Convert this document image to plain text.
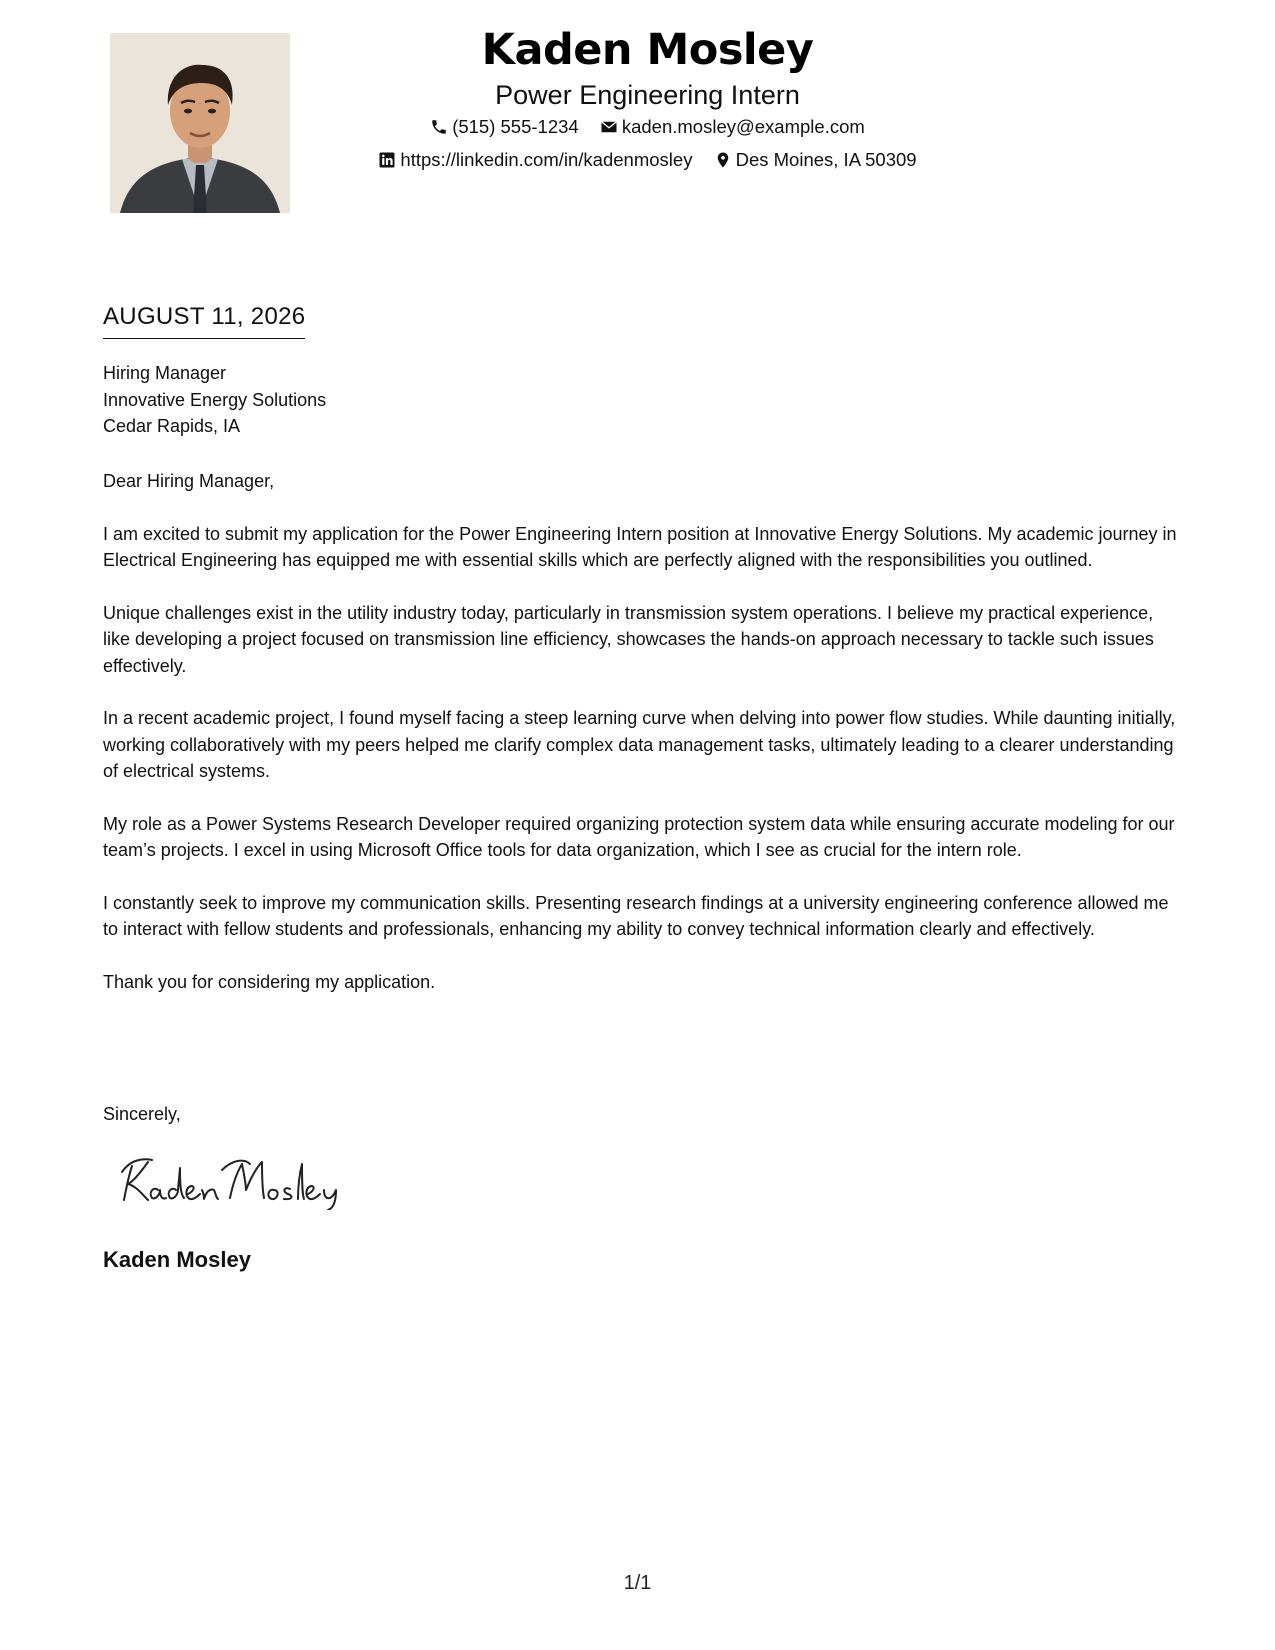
Kaden Mosley
Power Engineering Intern
(515) 555-1234
kaden.mosley@example.com
https://linkedin.com/in/kadenmosley
Des Moines, IA 50309
AUGUST 11, 2026
Hiring Manager
Innovative Energy Solutions
Cedar Rapids, IA

Dear Hiring Manager,

I am excited to submit my application for the Power Engineering Intern position at Innovative Energy Solutions. My academic journey in Electrical Engineering has equipped me with essential skills which are perfectly aligned with the responsibilities you outlined.

Unique challenges exist in the utility industry today, particularly in transmission system operations. I believe my practical experience, like developing a project focused on transmission line efficiency, showcases the hands-on approach necessary to tackle such issues effectively.

In a recent academic project, I found myself facing a steep learning curve when delving into power flow studies. While daunting initially, working collaboratively with my peers helped me clarify complex data management tasks, ultimately leading to a clearer understanding of electrical systems.

My role as a Power Systems Research Developer required organizing protection system data while ensuring accurate modeling for our team’s projects. I excel in using Microsoft Office tools for data organization, which I see as crucial for the intern role.

I constantly seek to improve my communication skills. Presenting research findings at a university engineering conference allowed me to interact with fellow students and professionals, enhancing my ability to convey technical information clearly and effectively.

Thank you for considering my application.

Sincerely,
Kaden Mosley
1/1
